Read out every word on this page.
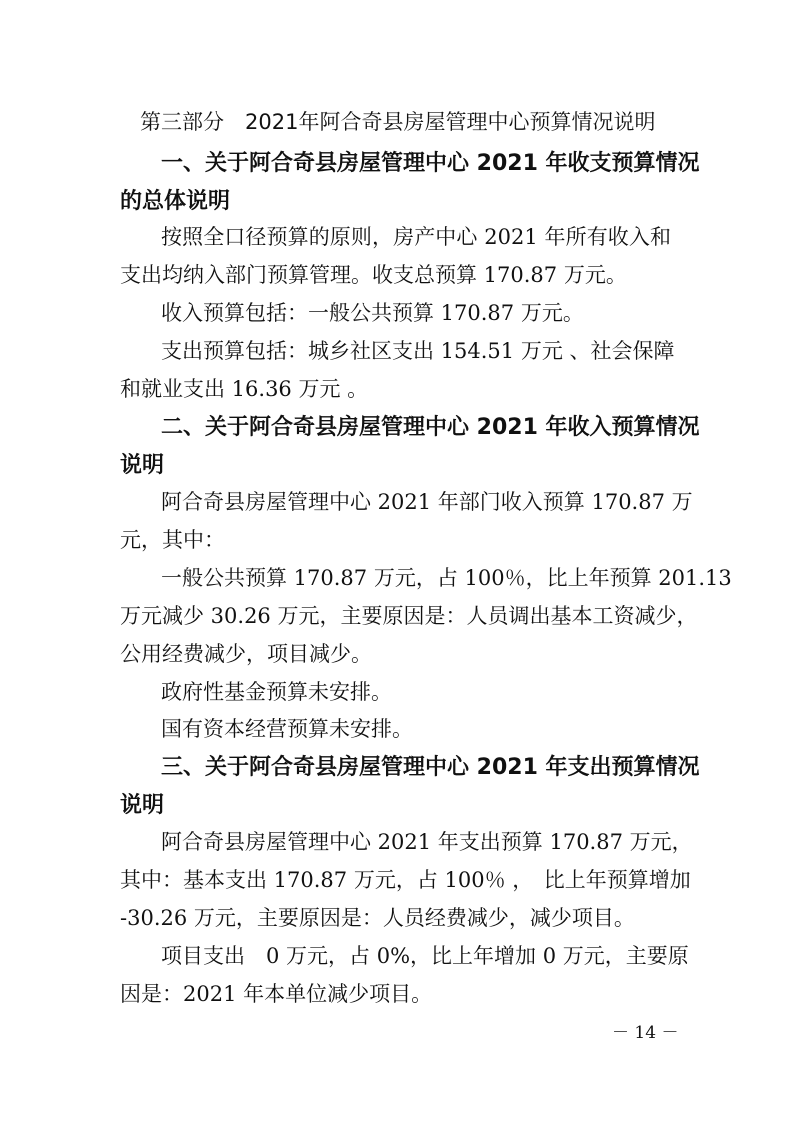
第三部分　2021年阿合奇县房屋管理中心预算情况说明
一、关于阿合奇县房屋管理中心 2021 年收支预算情况
的总体说明
按照全口径预算的原则，房产中心 2021 年所有收入和
支出均纳入部门预算管理。收支总预算 170.87 万元。
收入预算包括：一般公共预算 170.87 万元。
支出预算包括：城乡社区支出 154.51 万元 、社会保障
和就业支出 16.36 万元 。
二、关于阿合奇县房屋管理中心 2021 年收入预算情况
说明
阿合奇县房屋管理中心 2021 年部门收入预算 170.87 万
元，其中：
一般公共预算 170.87 万元，占 100％，比上年预算 201.13
万元减少 30.26 万元，主要原因是：人员调出基本工资减少，
公用经费减少，项目减少。
政府性基金预算未安排。
国有资本经营预算未安排。
三、关于阿合奇县房屋管理中心 2021 年支出预算情况
说明
阿合奇县房屋管理中心 2021 年支出预算 170.87 万元，
其中：基本支出 170.87 万元，占 100％ ，　比上年预算增加
-30.26 万元，主要原因是：人员经费减少，减少项目。
项目支出　0 万元，占 0%，比上年增加 0 万元，主要原
因是：2021 年本单位减少项目。
－ 14 －
